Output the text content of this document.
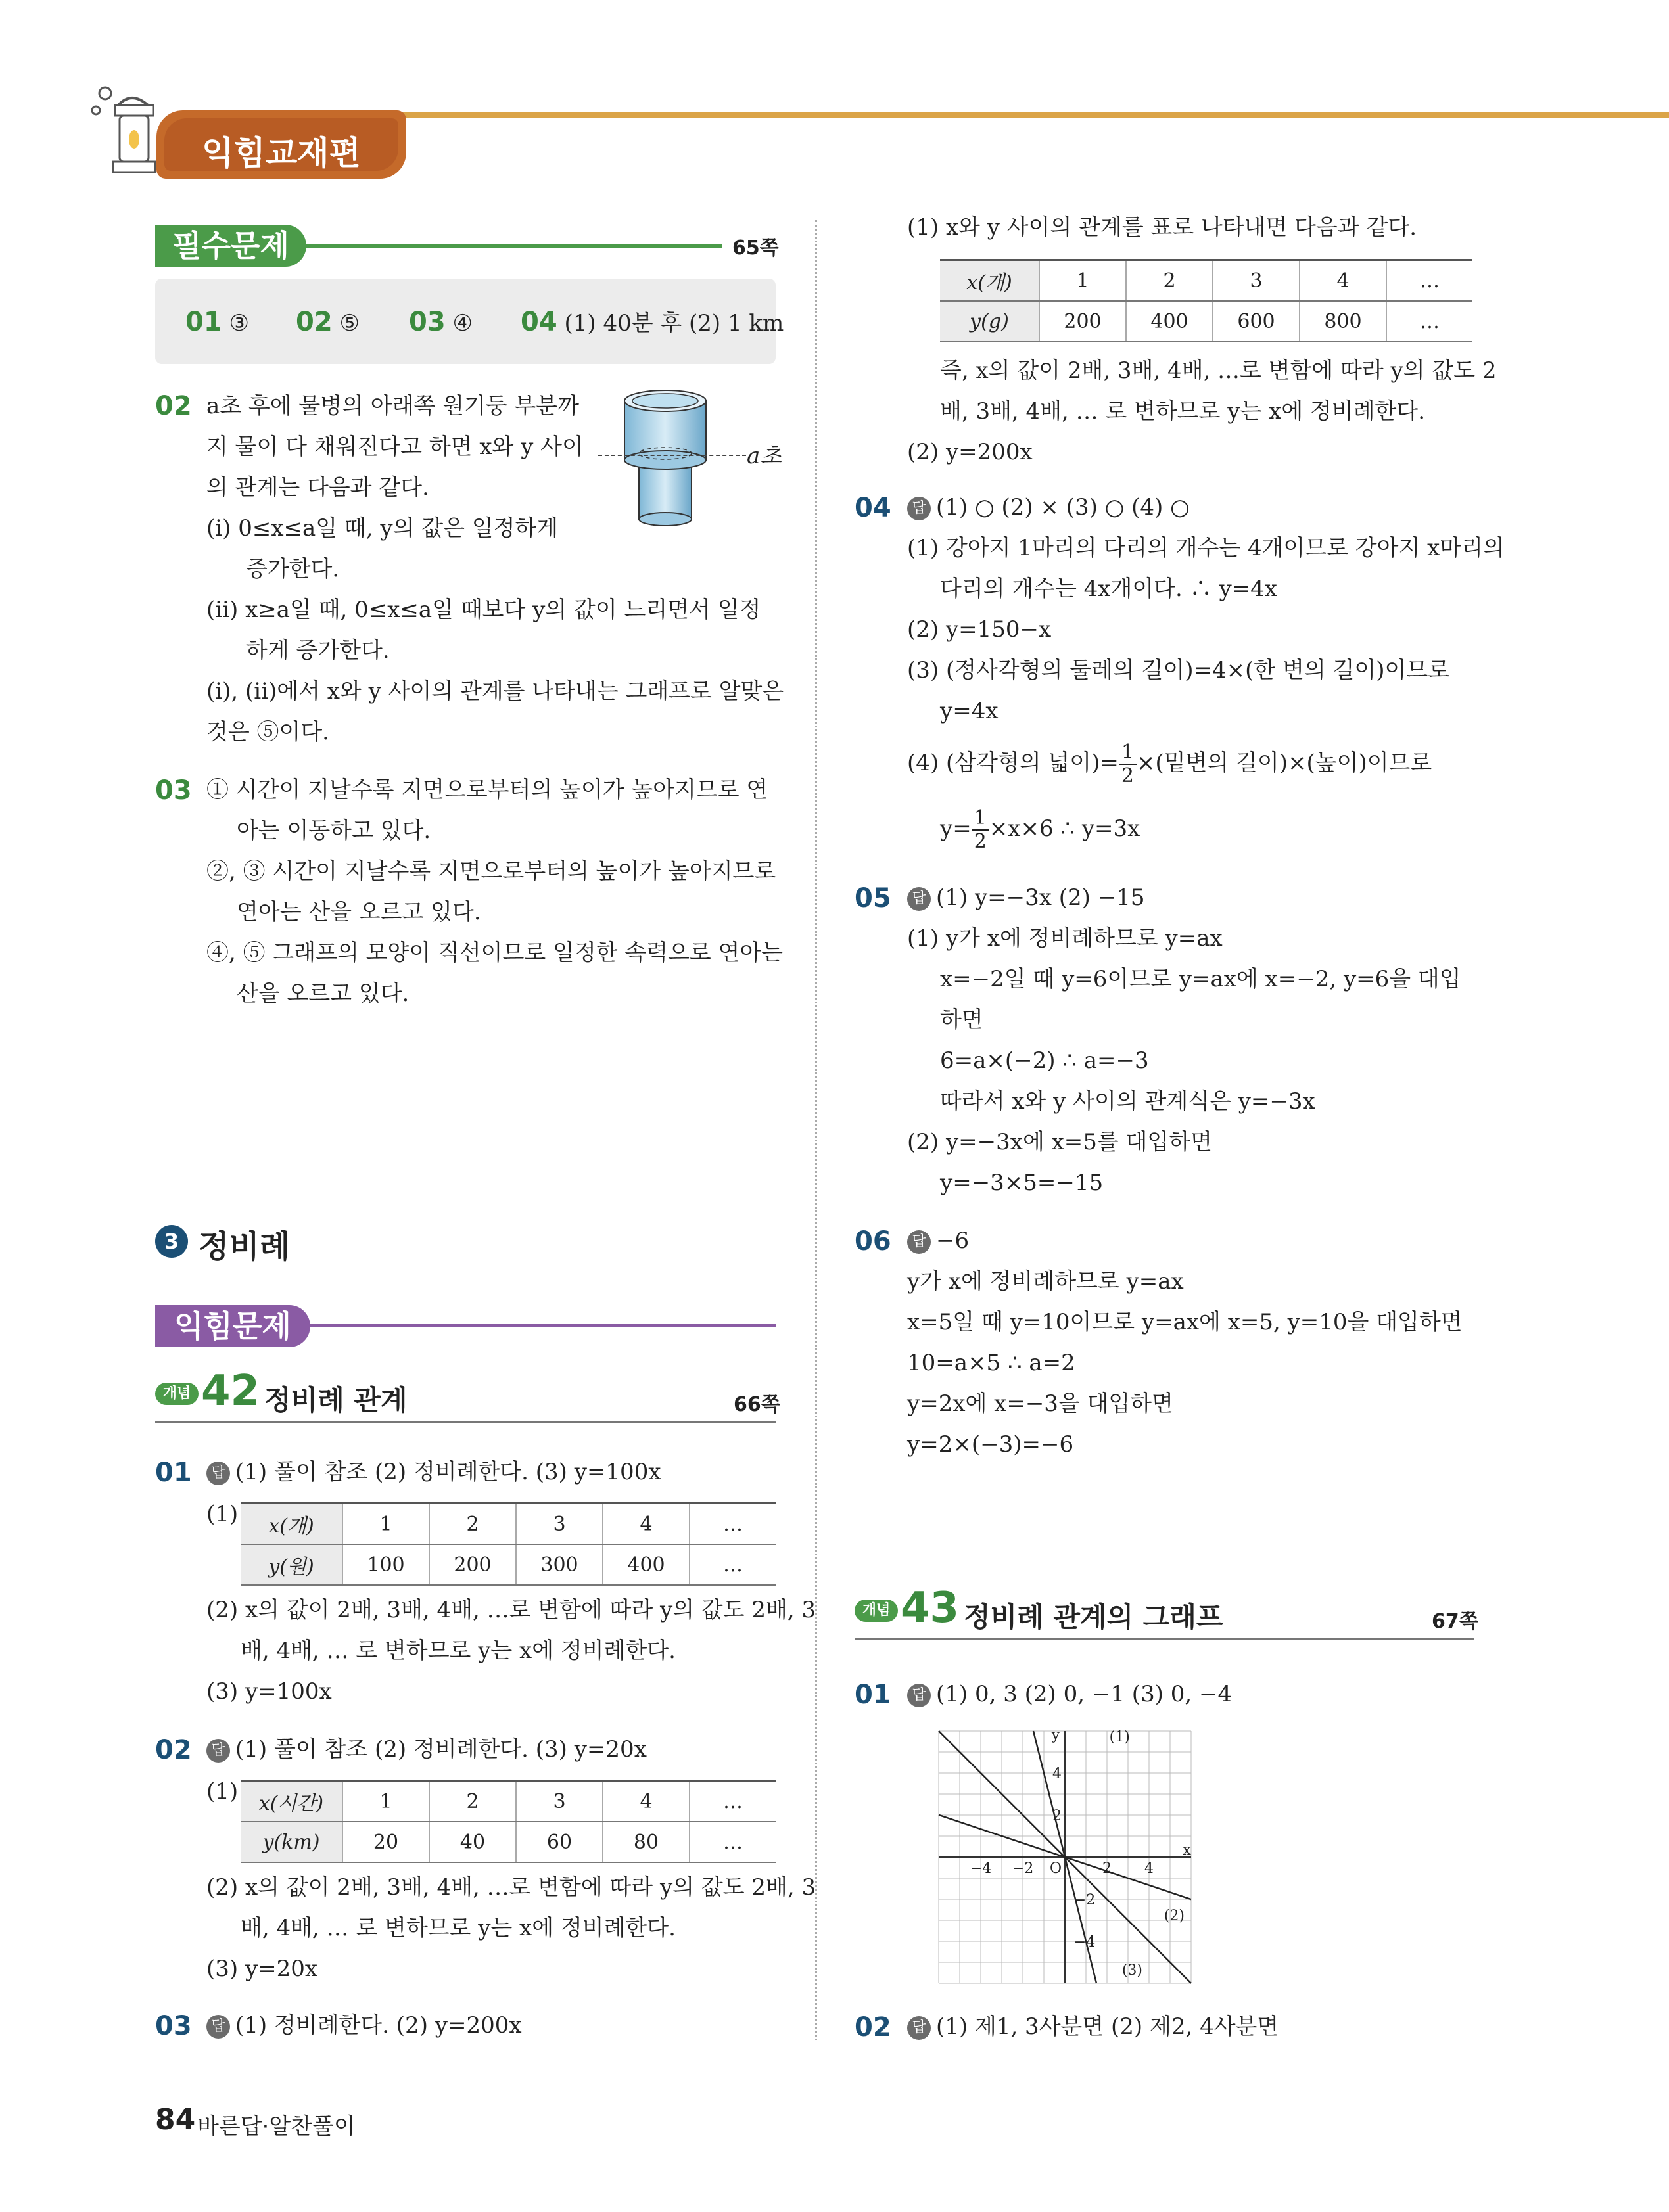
익힘교재편
필수문제	65쪽
01 ③ 02 ⑤ 03 ④ 04 (1) 40분 후 (2) 1 km
02 a초 후에 물병의 아래쪽 원기둥 부분까
지 물이 다 채워진다고 하면 x와 y 사이
의 관계는 다음과 같다.
(ⅰ) 0≤x≤a일 때, y의 값은 일정하게
증가한다.
(ⅱ) x≥a일 때, 0≤x≤a일 때보다 y의 값이 느리면서 일정
하게 증가한다.
(ⅰ), (ⅱ)에서 x와 y 사이의 관계를 나타내는 그래프로 알맞은
것은 ⑤이다.
a초
03 ① 시간이 지날수록 지면으로부터의 높이가 높아지므로 연
아는 이동하고 있다.
②, ③ 시간이 지날수록 지면으로부터의 높이가 높아지므로
연아는 산을 오르고 있다.
④, ⑤ 그래프의 모양이 직선이므로 일정한 속력으로 연아는
산을 오르고 있다.
3 정비례
익힘문제
개념 42 정비례 관계	66쪽
01	답 (1) 풀이 참조 (2) 정비례한다. (3) y=100x
(1) x(개)	1	2	3	4	…
y(원)	100	200	300	400	…
(2) x의 값이 2배, 3배, 4배, …로 변함에 따라 y의 값도 2배, 3
배, 4배, … 로 변하므로 y는 x에 정비례한다.
(3) y=100x
02	답 (1) 풀이 참조 (2) 정비례한다. (3) y=20x
(1) x(시간)	1	2	3	4	…
y(km)	20	40	60	80	…
(2) x의 값이 2배, 3배, 4배, …로 변함에 따라 y의 값도 2배, 3
배, 4배, … 로 변하므로 y는 x에 정비례한다.
(3) y=20x
03	답 (1) 정비례한다. (2) y=200x
(1) x와 y 사이의 관계를 표로 나타내면 다음과 같다.
x(개)	1	2	3	4	…
y(g)	200	400	600	800	…
즉, x의 값이 2배, 3배, 4배, …로 변함에 따라 y의 값도 2
배, 3배, 4배, … 로 변하므로 y는 x에 정비례한다.
(2) y=200x
04	답 (1) ○ (2) × (3) ○ (4) ○
(1) 강아지 1마리의 다리의 개수는 4개이므로 강아지 x마리의
다리의 개수는 4x개이다. ∴ y=4x
(2) y=150−x
(3) (정사각형의 둘레의 길이)=4×(한 변의 길이)이므로
y=4x
(4) (삼각형의 넓이)= $\frac{1}{2}$ ×(밑변의 길이)×(높이)이므로
$y= \frac{1}{2} \times x\times 6$ ∴ y=3x
05	답 (1) y=−3x (2) −15
(1) y가 x에 정비례하므로 y=ax
x=−2일 때 y=6이므로 y=ax에 x=−2, y=6을 대입
하면
6=a×(−2) ∴ a=−3
따라서 x와 y 사이의 관계식은 y=−3x
(2) y=−3x에 x=5를 대입하면
y=−3×5=−15
06	답 −6
y가 x에 정비례하므로 y=ax
x=5일 때 y=10이므로 y=ax에 x=5, y=10을 대입하면
10=a×5 ∴ a=2
y=2x에 x=−3을 대입하면
y=2×(−3)=−6
개념 43 정비례 관계의 그래프	67쪽
01	답 (1) 0, 3 (2) 0, −1 (3) 0, −4
x
y
O
−4 −2	2 4
4
2
−2
−4
(1)
(2)
(3)
02	답 (1) 제1, 3사분면 (2) 제2, 4사분면
84 바른답·알찬풀이
